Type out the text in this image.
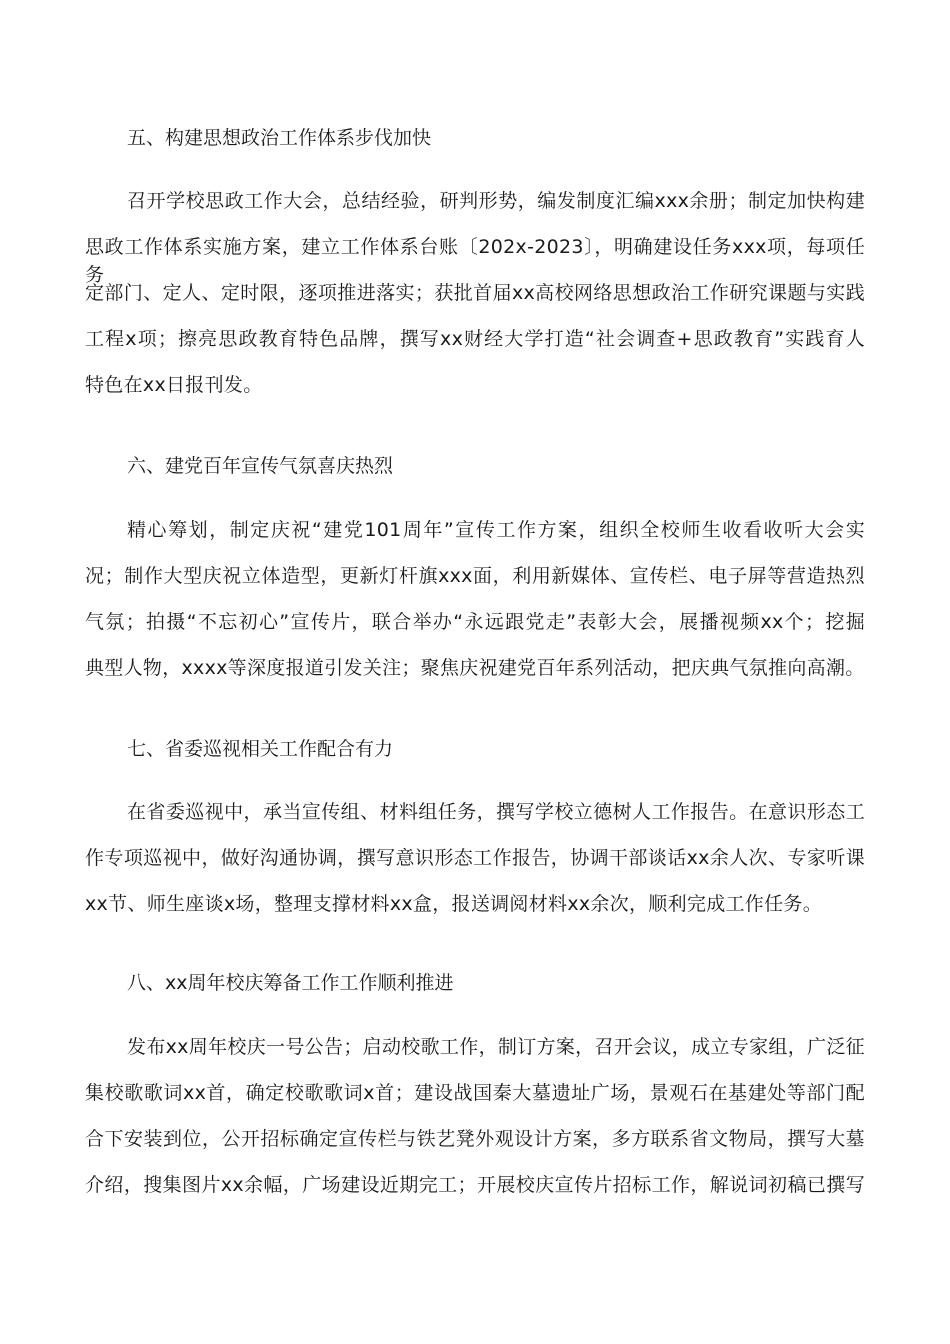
五、构建思想政治工作体系步伐加快
召开学校思政工作大会，总结经验，研判形势，编发制度汇编xxx余册；制定加快构建
思政工作体系实施方案，建立工作体系台账〔202x-2023〕，明确建设任务xxx项，每项任务
定部门、定人、定时限，逐项推进落实；获批首届xx高校网络思想政治工作研究课题与实践
工程x项；擦亮思政教育特色品牌，撰写xx财经大学打造“社会调查+思政教育”实践育人
特色在xx日报刊发。
六、建党百年宣传气氛喜庆热烈
精心筹划，制定庆祝“建党101周年”宣传工作方案，组织全校师生收看收听大会实
况；制作大型庆祝立体造型，更新灯杆旗xxx面，利用新媒体、宣传栏、电子屏等营造热烈
气氛；拍摄“不忘初心”宣传片，联合举办“永远跟党走”表彰大会，展播视频xx个；挖掘
典型人物，xxxx等深度报道引发关注；聚焦庆祝建党百年系列活动，把庆典气氛推向高潮。
七、省委巡视相关工作配合有力
在省委巡视中，承当宣传组、材料组任务，撰写学校立德树人工作报告。在意识形态工
作专项巡视中，做好沟通协调，撰写意识形态工作报告，协调干部谈话xx余人次、专家听课
xx节、师生座谈x场，整理支撑材料xx盒，报送调阅材料xx余次，顺利完成工作任务。
八、xx周年校庆筹备工作工作顺利推进
发布xx周年校庆一号公告；启动校歌工作，制订方案，召开会议，成立专家组，广泛征
集校歌歌词xx首，确定校歌歌词x首；建设战国秦大墓遗址广场，景观石在基建处等部门配
合下安装到位，公开招标确定宣传栏与铁艺凳外观设计方案，多方联系省文物局，撰写大墓
介绍，搜集图片xx余幅，广场建设近期完工；开展校庆宣传片招标工作，解说词初稿已撰写
